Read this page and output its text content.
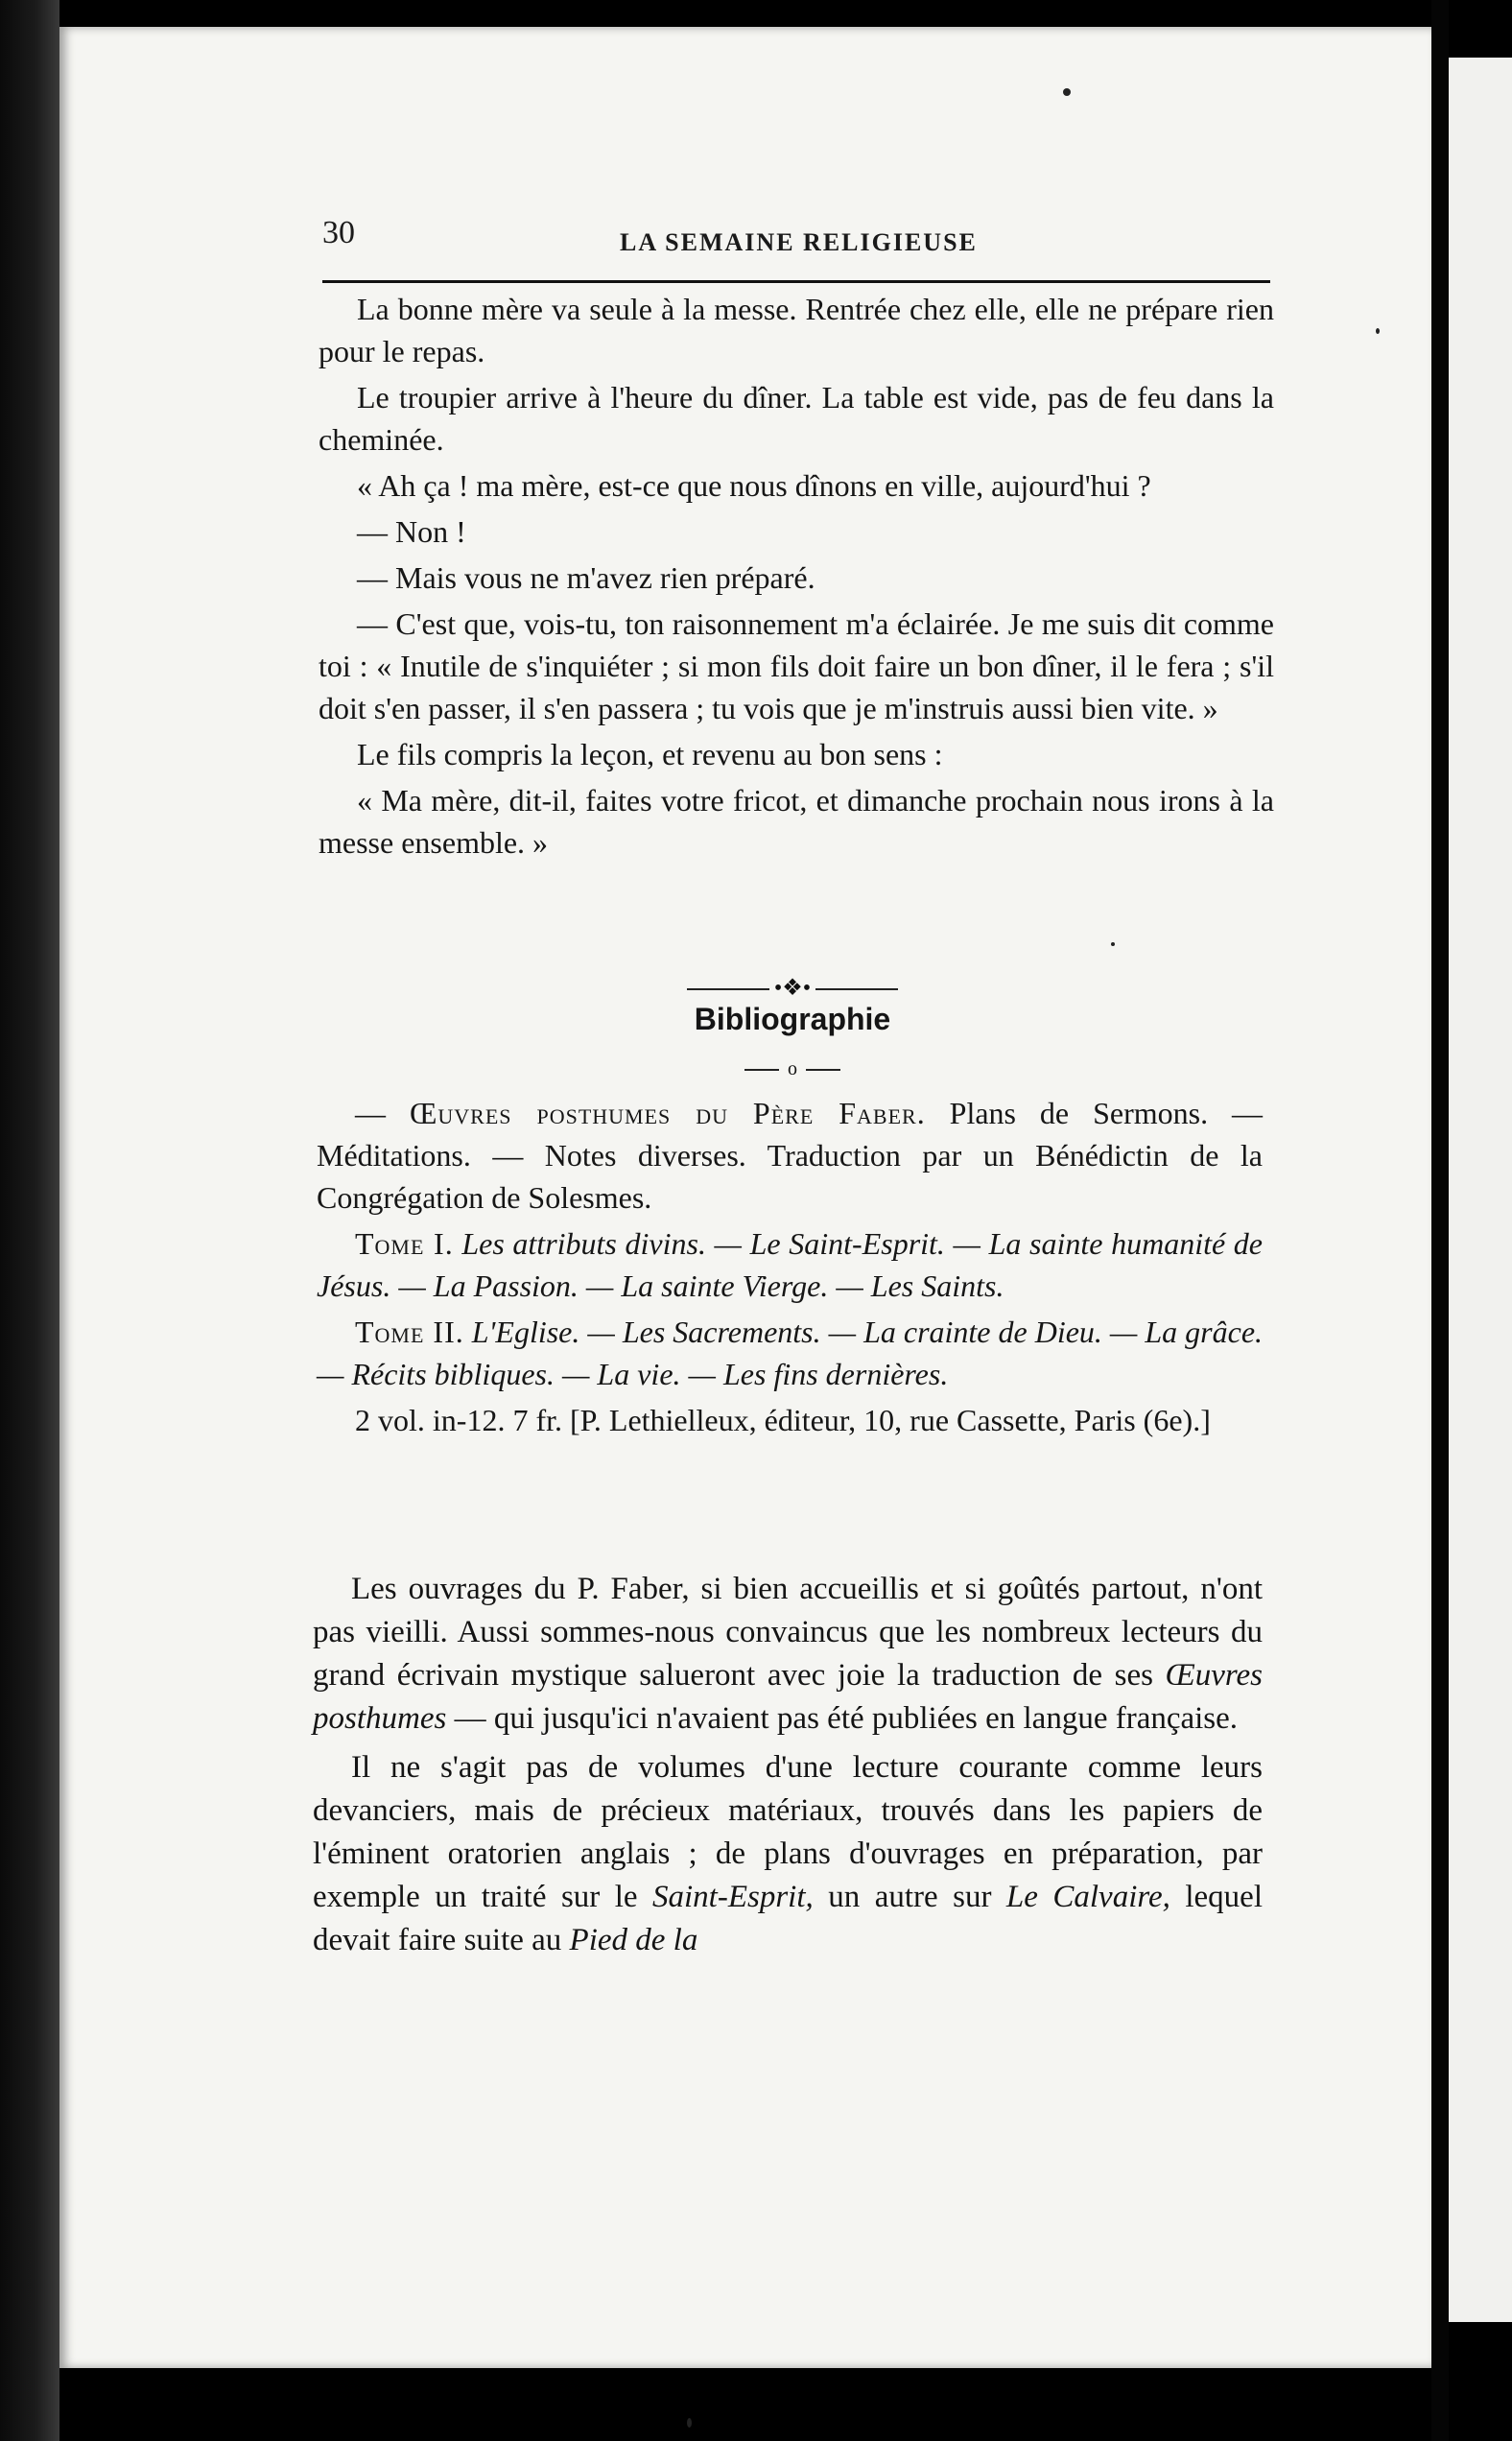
30	LA SEMAINE RELIGIEUSE

La bonne mère va seule à la messe. Rentrée chez elle, elle ne prépare rien pour le repas.

Le troupier arrive à l'heure du dîner. La table est vide, pas de feu dans la cheminée.

« Ah ça ! ma mère, est-ce que nous dînons en ville, aujourd'hui ?

— Non !

— Mais vous ne m'avez rien préparé.

— C'est que, vois-tu, ton raisonnement m'a éclairée. Je me suis dit comme toi : « Inutile de s'inquiéter ; si mon fils doit faire un bon dîner, il le fera ; s'il doit s'en passer, il s'en passera ; tu vois que je m'instruis aussi bien vite. »

Le fils compris la leçon, et revenu au bon sens :

« Ma mère, dit-il, faites votre fricot, et dimanche prochain nous irons à la messe ensemble. »

•❖•
Bibliographie
o

— Œuvres posthumes du Père Faber. Plans de Sermons. — Méditations. — Notes diverses. Traduction par un Bénédictin de la Congrégation de Solesmes.

Tome I. Les attributs divins. — Le Saint-Esprit. — La sainte humanité de Jésus. — La Passion. — La sainte Vierge. — Les Saints.

Tome II. L'Eglise. — Les Sacrements. — La crainte de Dieu. — La grâce. — Récits bibliques. — La vie. — Les fins dernières.

2 vol. in-12. 7 fr. [P. Lethielleux, éditeur, 10, rue Cassette, Paris (6e).]

Les ouvrages du P. Faber, si bien accueillis et si goûtés partout, n'ont pas vieilli. Aussi sommes-nous convaincus que les nombreux lecteurs du grand écrivain mystique salueront avec joie la traduction de ses Œuvres posthumes — qui jusqu'ici n'avaient pas été publiées en langue française.

Il ne s'agit pas de volumes d'une lecture courante comme leurs devanciers, mais de précieux matériaux, trouvés dans les papiers de l'éminent oratorien anglais ; de plans d'ouvrages en préparation, par exemple un traité sur le Saint-Esprit, un autre sur Le Calvaire, lequel devait faire suite au Pied de la
